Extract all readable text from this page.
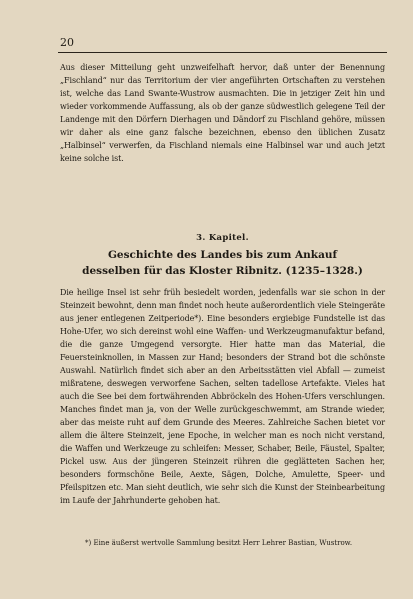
20

Aus dieser Mitteilung geht unzweifelhaft hervor, daß unter der Benennung „Fischland“ nur das Territorium der vier angeführten Ortschaften zu verstehen ist, welche das Land Swante-Wustrow ausmachten. Die in jetziger Zeit hin und wieder vorkommende Auffassung, als ob der ganze südwestlich gelegene Teil der Landenge mit den Dörfern Dierhagen und Dändorf zu Fischland gehöre, müssen wir daher als eine ganz falsche bezeichnen, ebenso den üblichen Zusatz „Halbinsel“ verwerfen, da Fischland niemals eine Halbinsel war und auch jetzt keine solche ist.

3. Kapitel.
Geschichte des Landes bis zum Ankauf
desselben für das Kloster Ribnitz. (1235–1328.)

Die heilige Insel ist sehr früh besiedelt worden, jedenfalls war sie schon in der Steinzeit bewohnt, denn man findet noch heute außerordentlich viele Steingeräte aus jener entlegenen Zeitperiode*). Eine besonders ergiebige Fundstelle ist das Hohe-Ufer, wo sich dereinst wohl eine Waffen- und Werkzeugmanufaktur befand, die die ganze Umgegend versorgte. Hier hatte man das Material, die Feuersteinknollen, in Massen zur Hand; besonders der Strand bot die schönste Auswahl. Natürlich findet sich aber an den Arbeitsstätten viel Abfall — zumeist mißratene, deswegen verworfene Sachen, selten tadellose Artefakte. Vieles hat auch die See bei dem fortwährenden Abbröckeln des Hohen-Ufers verschlungen. Manches findet man ja, von der Welle zurückgeschwemmt, am Strande wieder, aber das meiste ruht auf dem Grunde des Meeres. Zahlreiche Sachen bietet vor allem die ältere Steinzeit, jene Epoche, in welcher man es noch nicht verstand, die Waffen und Werkzeuge zu schleifen: Messer, Schaber, Beile, Fäustel, Spalter, Pickel usw. Aus der jüngeren Steinzeit rühren die geglätteten Sachen her, besonders formschöne Beile, Aexte, Sägen, Dolche, Amulette, Speer- und Pfeilspitzen etc. Man sieht deutlich, wie sehr sich die Kunst der Steinbearbeitung im Laufe der Jahrhunderte gehoben hat.

*) Eine äußerst wertvolle Sammlung besitzt Herr Lehrer Bastian, Wustrow.
